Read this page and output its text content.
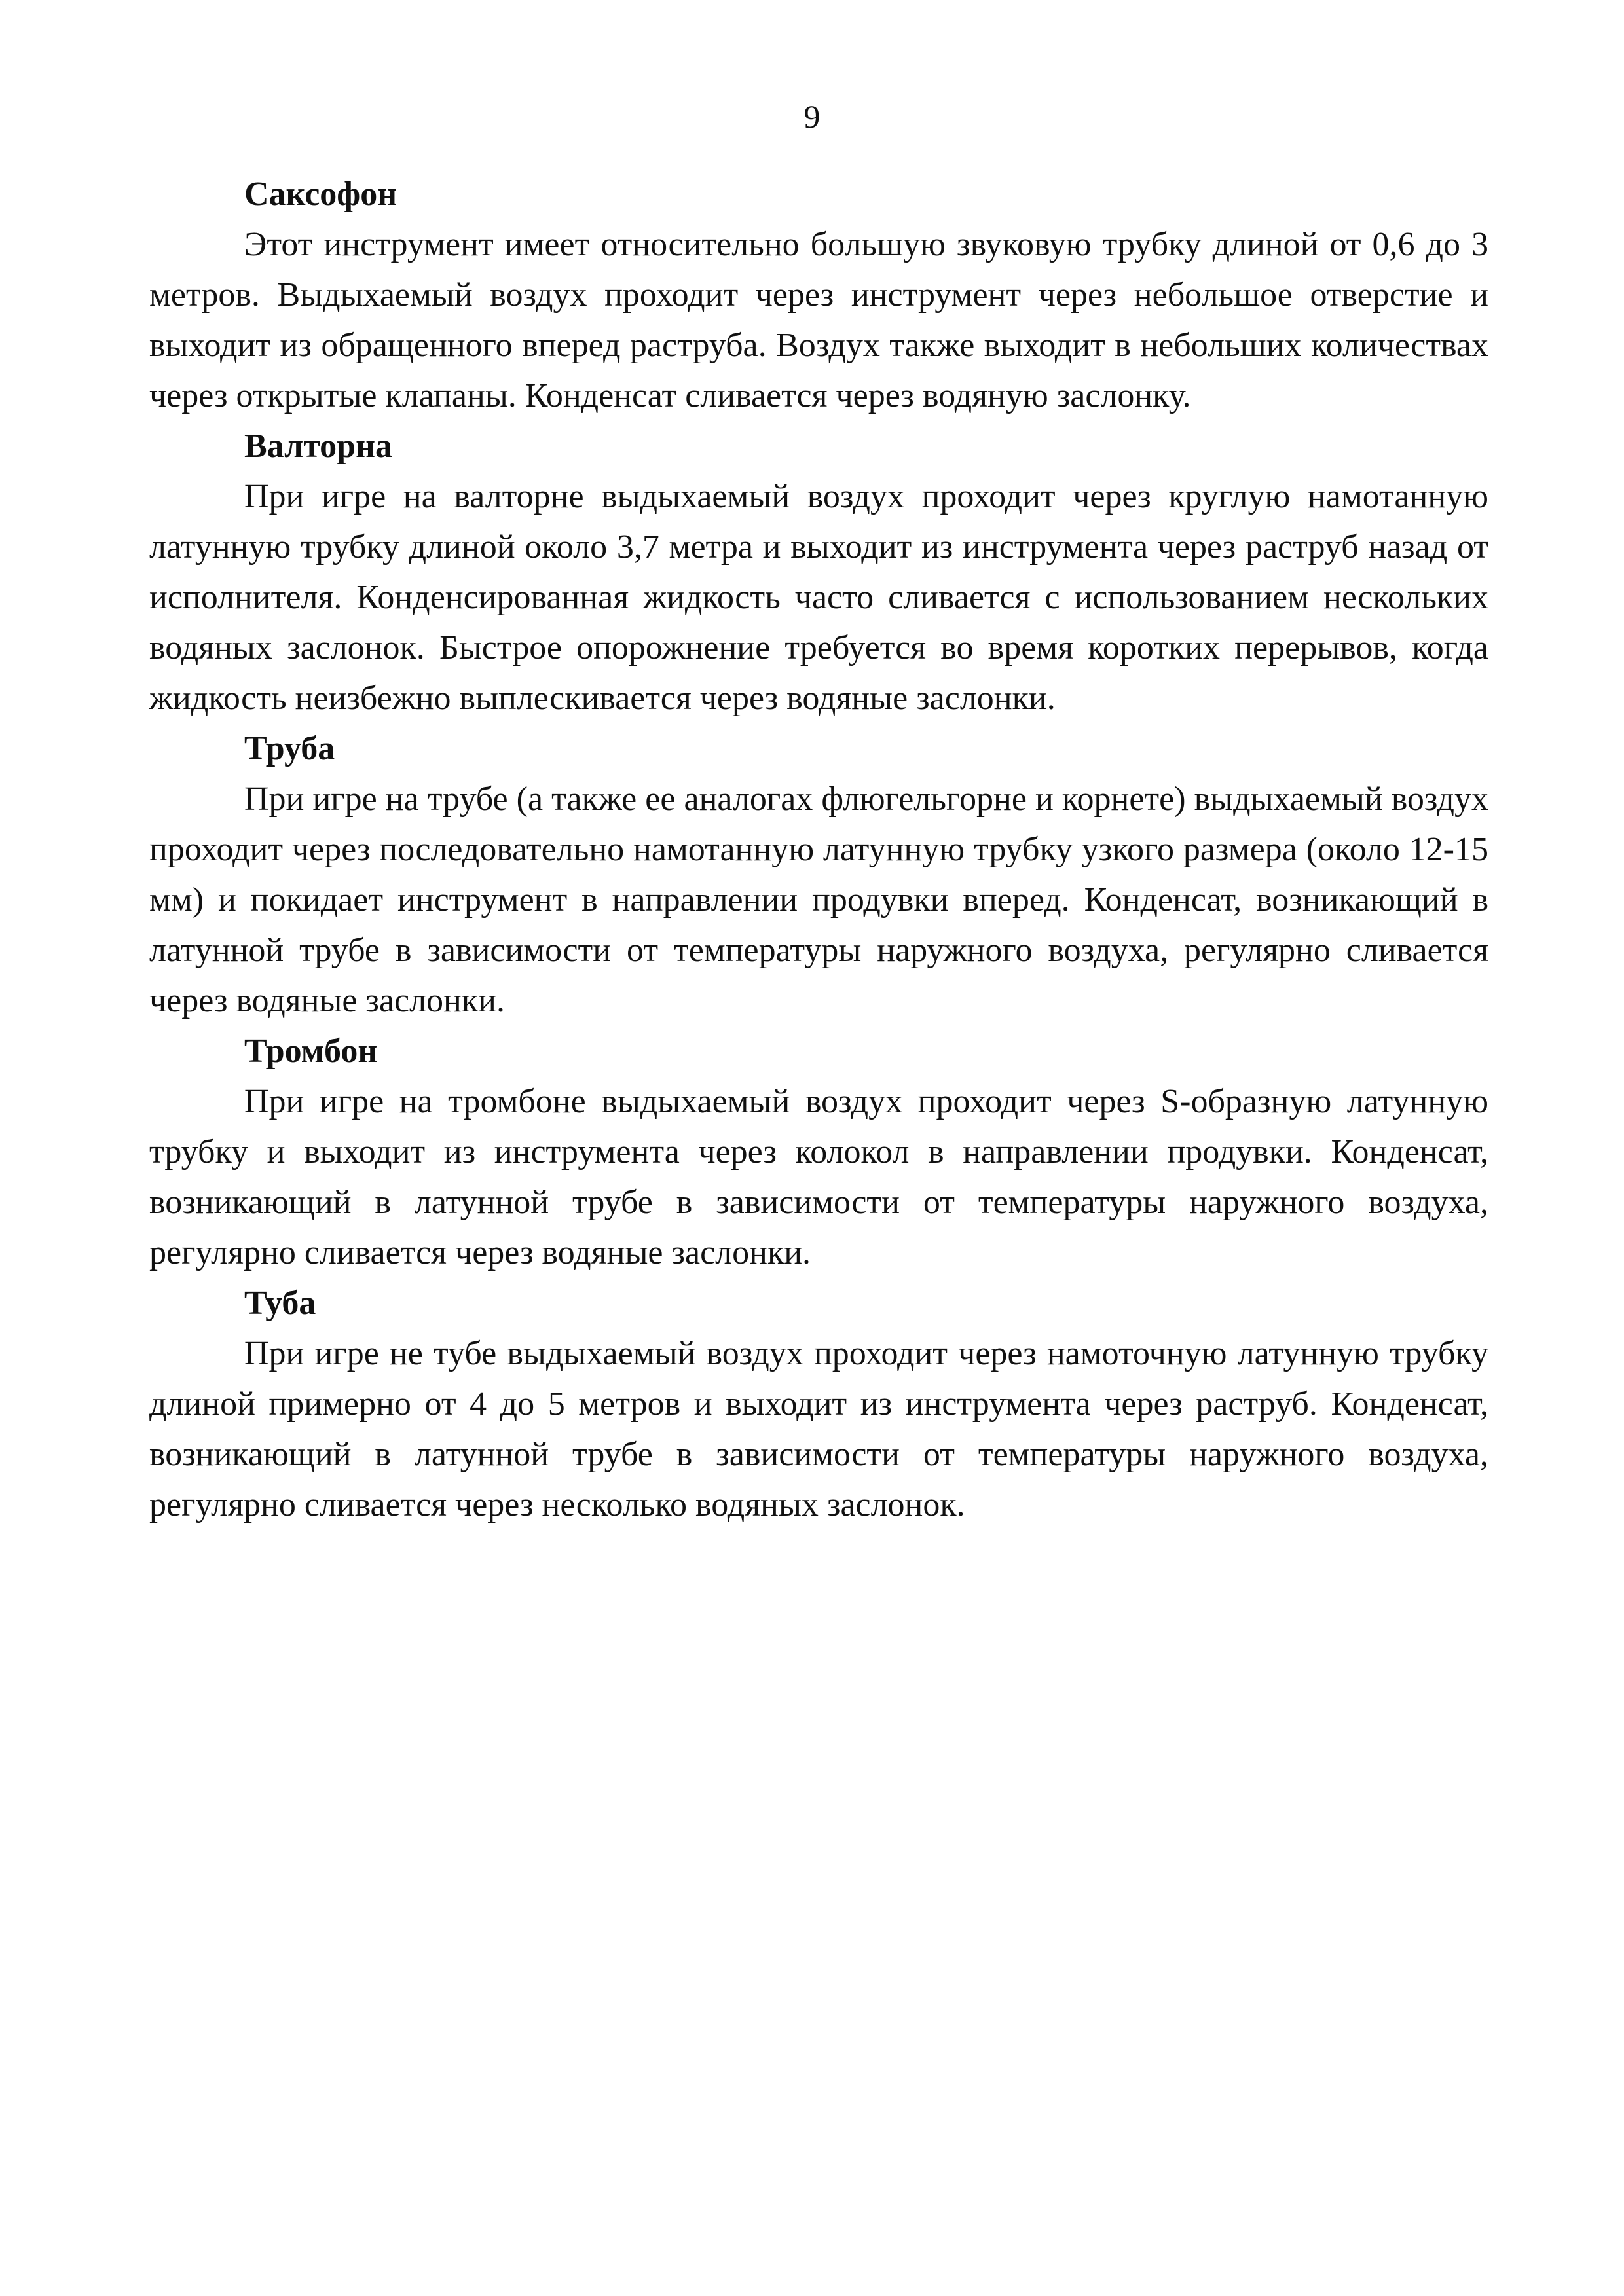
9

Саксофон

Этот инструмент имеет относительно большую звуковую трубку длиной от 0,6 до 3 метров. Выдыхаемый воздух проходит через инструмент через небольшое отверстие и выходит из обращенного вперед раструба. Воздух также выходит в небольших количествах через открытые клапаны. Конденсат сливается через водяную заслонку.

Валторна

При игре на валторне выдыхаемый воздух проходит через круглую намотанную латунную трубку длиной около 3,7 метра и выходит из инструмента через раструб назад от исполнителя. Конденсированная жидкость часто сливается с использованием нескольких водяных заслонок. Быстрое опорожнение требуется во время коротких перерывов, когда жидкость неизбежно выплескивается через водяные заслонки.

Труба

При игре на трубе (а также ее аналогах флюгельгорне и корнете) выдыхаемый воздух проходит через последовательно намотанную латунную трубку узкого размера (около 12-15 мм) и покидает инструмент в направлении продувки вперед. Конденсат, возникающий в латунной трубе в зависимости от температуры наружного воздуха, регулярно сливается через водяные заслонки.

Тромбон

При игре на тромбоне выдыхаемый воздух проходит через S-образную латунную трубку и выходит из инструмента через колокол в направлении продувки. Конденсат, возникающий в латунной трубе в зависимости от температуры наружного воздуха, регулярно сливается через водяные заслонки.

Туба

При игре не тубе выдыхаемый воздух проходит через намоточную латунную трубку длиной примерно от 4 до 5 метров и выходит из инструмента через раструб. Конденсат, возникающий в латунной трубе в зависимости от температуры наружного воздуха, регулярно сливается через несколько водяных заслонок.
